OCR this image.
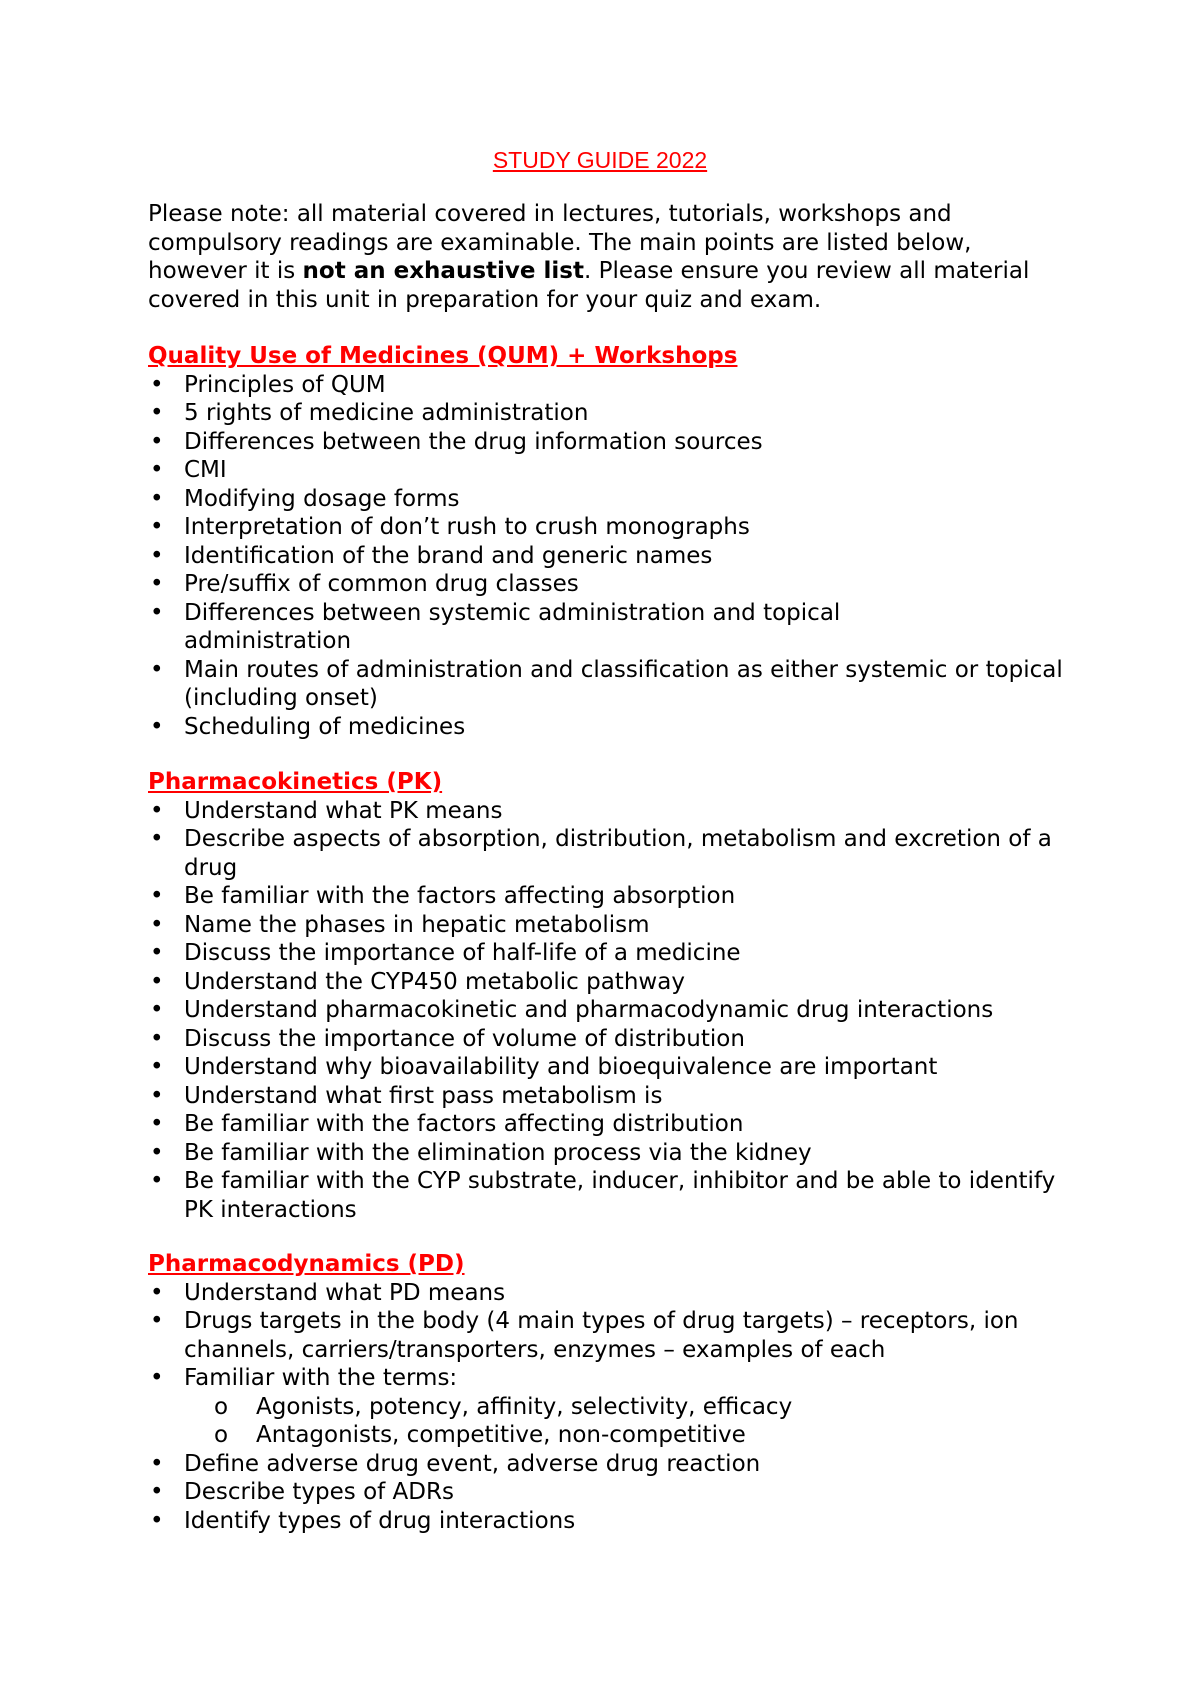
STUDY GUIDE 2022
Please note: all material covered in lectures, tutorials, workshops and compulsory readings are examinable. The main points are listed below, however it is not an exhaustive list. Please ensure you review all material covered in this unit in preparation for your quiz and exam.

Quality Use of Medicines (QUM) + Workshops

• Principles of QUM
• 5 rights of medicine administration
• Differences between the drug information sources
• CMI
• Modifying dosage forms
• Interpretation of don’t rush to crush monographs
• Identification of the brand and generic names
• Pre/suffix of common drug classes
• Differences between systemic administration and topical administration
• Main routes of administration and classification as either systemic or topical (including onset)
• Scheduling of medicines

Pharmacokinetics (PK)

• Understand what PK means
• Describe aspects of absorption, distribution, metabolism and excretion of a drug
• Be familiar with the factors affecting absorption
• Name the phases in hepatic metabolism
• Discuss the importance of half-life of a medicine
• Understand the CYP450 metabolic pathway
• Understand pharmacokinetic and pharmacodynamic drug interactions
• Discuss the importance of volume of distribution
• Understand why bioavailability and bioequivalence are important
• Understand what first pass metabolism is
• Be familiar with the factors affecting distribution
• Be familiar with the elimination process via the kidney
• Be familiar with the CYP substrate, inducer, inhibitor and be able to identify PK interactions

Pharmacodynamics (PD)

• Understand what PD means
• Drugs targets in the body (4 main types of drug targets) – receptors, ion channels, carriers/transporters, enzymes – examples of each
• Familiar with the terms:
o Agonists, potency, affinity, selectivity, efficacy
o Antagonists, competitive, non-competitive
• Define adverse drug event, adverse drug reaction
• Describe types of ADRs
• Identify types of drug interactions
